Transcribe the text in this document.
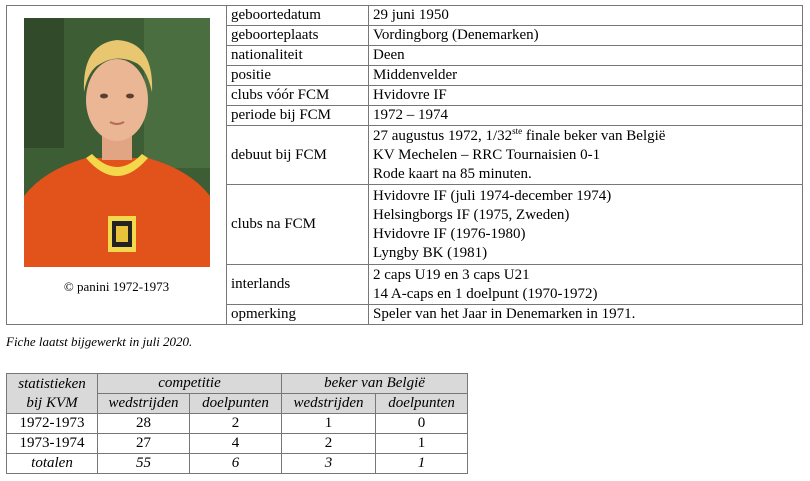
© panini 1972-1973	geboortedatum	29 juni 1950
	geboorteplaats	Vordingborg (Denemarken)
	nationaliteit	Deen
	positie	Middenvelder
	clubs vóór FCM	Hvidovre IF
	periode bij FCM	1972 – 1974
	debuut bij FCM	27 augustus 1972, 1/32ste finale beker van België
KV Mechelen – RRC Tournaisien 0-1
Rode kaart na 85 minuten.

	clubs na FCM	Hvidovre IF (juli 1974-december 1974)
Helsingborgs IF (1975, Zweden)
Hvidovre IF (1976-1980)
Lyngby BK (1981)

	interlands	2 caps U19 en 3 caps U21
14 A-caps en 1 doelpunt (1970-1972)

	opmerking	Speler van het Jaar in Denemarken in 1971.
Fiche laatst bijgewerkt in juli 2020.
statistieken
bij KVM	competitie		beker van België	
	wedstrijden	doelpunten	wedstrijden	doelpunten
1972-1973	28	2	1	0
1973-1974	27	4	2	1
totalen	55	6	3	1
